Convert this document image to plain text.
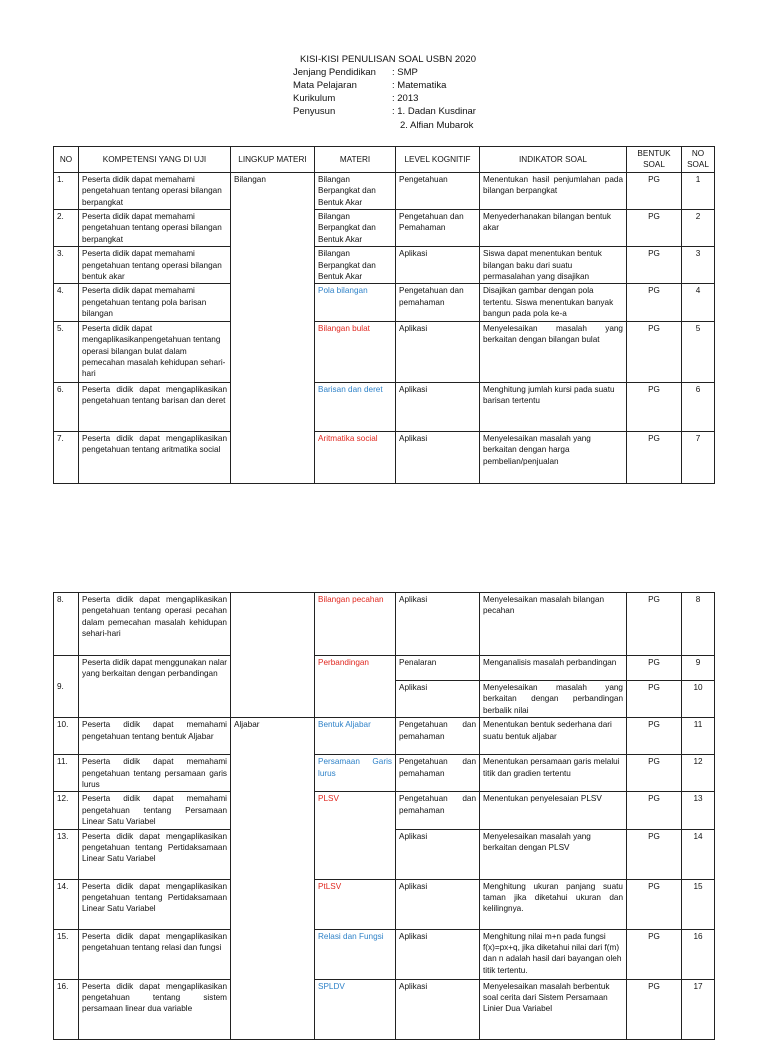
KISI-KISI PENULISAN SOAL USBN 2020
Jenjang Pendidikan : SMP
Mata Pelajaran	: Matematika
Kurikulum	: 2013
Penyusun	: 1. Dadan Kusdinar
2. Alfian Mubarok
NO	KOMPETENSI YANG DI UJI	LINGKUP MATERI	MATERI	LEVEL KOGNITIF	INDIKATOR SOAL	BENTUK SOAL	NO SOAL
1.	Peserta didik dapat memahami pengetahuan tentang operasi bilangan berpangkat	Bilangan	Bilangan Berpangkat dan Bentuk Akar	Pengetahuan	Menentukan hasil penjumlahan pada bilangan berpangkat	PG	1
2.	Peserta didik dapat memahami pengetahuan tentang operasi bilangan berpangkat		Bilangan Berpangkat dan Bentuk Akar	Pengetahuan dan Pemahaman	Menyederhanakan bilangan bentuk akar	PG	2
3.	Peserta didik dapat memahami pengetahuan tentang operasi bilangan bentuk akar		Bilangan Berpangkat dan Bentuk Akar	Aplikasi	Siswa dapat menentukan bentuk bilangan baku dari suatu permasalahan yang disajikan	PG	3
4.	Peserta didik dapat memahami pengetahuan tentang pola barisan bilangan		Pola bilangan	Pengetahuan dan pemahaman	Disajikan gambar dengan pola tertentu. Siswa menentukan banyak bangun pada pola ke-a	PG	4
5.	Peserta didik dapat mengaplikasikanpengetahuan tentang operasi bilangan bulat dalam pemecahan masalah kehidupan sehari-hari		Bilangan bulat	Aplikasi	Menyelesaikan masalah yang berkaitan dengan bilangan bulat	PG	5
6.	Peserta didik dapat mengaplikasikan pengetahuan tentang barisan dan deret		Barisan dan deret	Aplikasi	Menghitung jumlah kursi pada suatu barisan tertentu	PG	6
7.	Peserta didik dapat mengaplikasikan pengetahuan tentang aritmatika social		Aritmatika social	Aplikasi	Menyelesaikan masalah yang berkaitan dengan harga pembelian/penjualan	PG	7
8.	Peserta didik dapat mengaplikasikan pengetahuan tentang operasi pecahan dalam pemecahan masalah kehidupan sehari-hari		Bilangan pecahan	Aplikasi	Menyelesaikan masalah bilangan pecahan	PG	8
9.	Peserta didik dapat menggunakan nalar yang berkaitan dengan perbandingan		Perbandingan	Penalaran	Menganalisis masalah perbandingan	PG	9
				Aplikasi	Menyelesaikan masalah yang berkaitan dengan perbandingan berbalik nilai	PG	10
10.	Peserta didik dapat memahami pengetahuan tentang bentuk Aljabar	Aljabar	Bentuk Aljabar	Pengetahuan dan pemahaman	Menentukan bentuk sederhana dari suatu bentuk aljabar	PG	11
11.	Peserta didik dapat memahami pengetahuan tentang persamaan garis lurus		Persamaan Garis lurus	Pengetahuan dan pemahaman	Menentukan persamaan garis melalui titik dan gradien tertentu	PG	12
12.	Peserta didik dapat memahami pengetahuan tentang Persamaan Linear Satu Variabel		PLSV	Pengetahuan dan pemahaman	Menentukan penyelesaian PLSV	PG	13
13.	Peserta didik dapat mengaplikasikan pengetahuan tentang Pertidaksamaan Linear Satu Variabel			Aplikasi	Menyelesaikan masalah yang berkaitan dengan PLSV	PG	14
14.	Peserta didik dapat mengaplikasikan pengetahuan tentang Pertidaksamaan Linear Satu Variabel		PtLSV	Aplikasi	Menghitung ukuran panjang suatu taman jika diketahui ukuran dan kelilingnya.	PG	15
15.	Peserta didik dapat mengaplikasikan pengetahuan tentang relasi dan fungsi		Relasi dan Fungsi	Aplikasi	Menghitung nilai m+n pada fungsi f(x)=px+q, jika diketahui nilai dari f(m) dan n adalah hasil dari bayangan oleh titik tertentu.	PG	16
16.	Peserta didik dapat mengaplikasikan pengetahuan tentang sistem persamaan linear dua variable		SPLDV	Aplikasi	Menyelesaikan masalah berbentuk soal cerita dari Sistem Persamaan Linier Dua Variabel	PG	17
